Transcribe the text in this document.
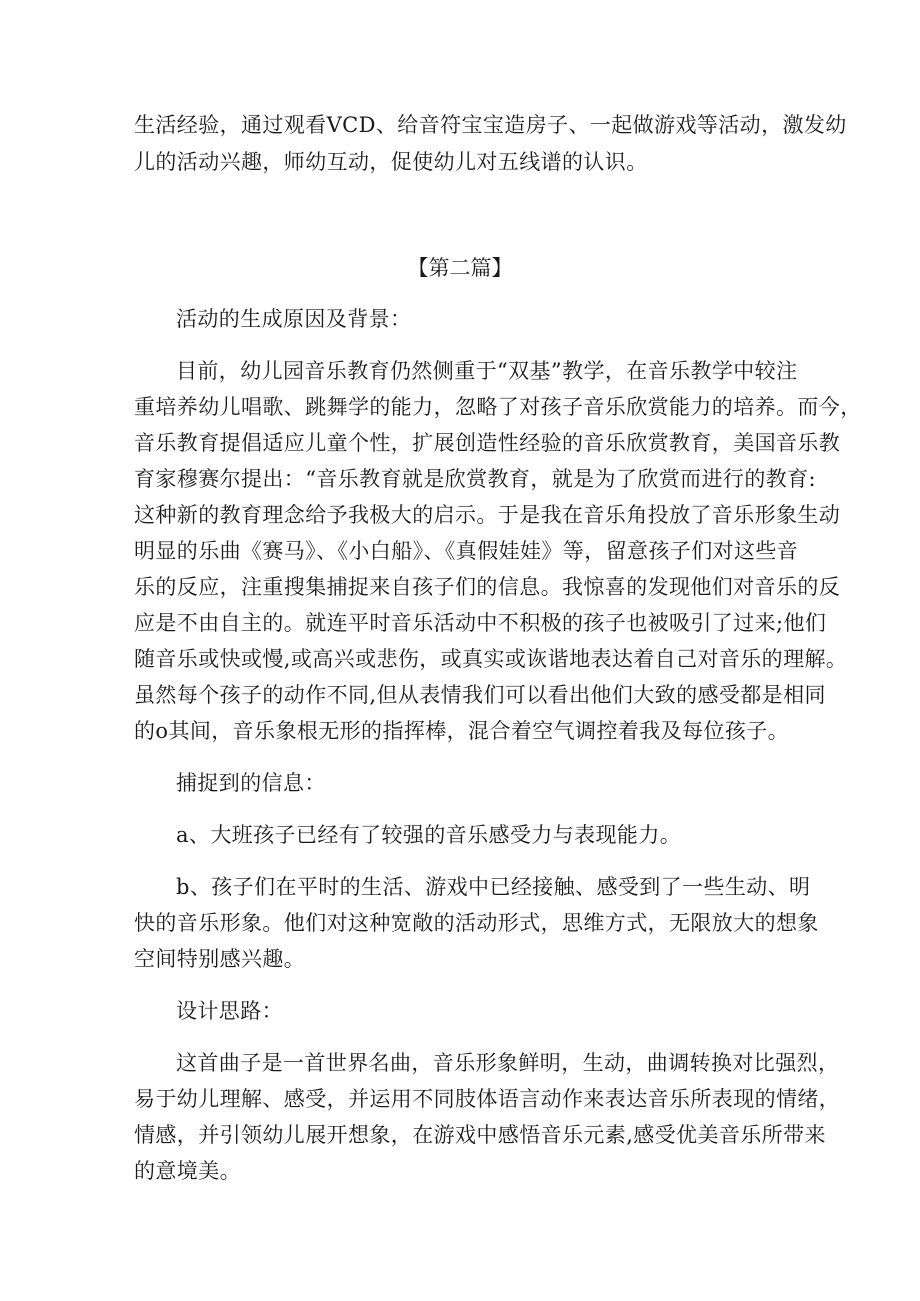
生活经验，通过观看VCD、给音符宝宝造房子、一起做游戏等活动，激发幼
儿的活动兴趣，师幼互动，促使幼儿对五线谱的认识。
【第二篇】
活动的生成原因及背景：
目前，幼儿园音乐教育仍然侧重于“双基”教学，在音乐教学中较注
重培养幼儿唱歌、跳舞学的能力，忽略了对孩子音乐欣赏能力的培养。而今，
音乐教育提倡适应儿童个性，扩展创造性经验的音乐欣赏教育，美国音乐教
育家穆赛尔提出：“音乐教育就是欣赏教育，就是为了欣赏而进行的教育:
这种新的教育理念给予我极大的启示。于是我在音乐角投放了音乐形象生动
明显的乐曲《赛马》、《小白船》、《真假娃娃》等，留意孩子们对这些音
乐的反应，注重搜集捕捉来自孩子们的信息。我惊喜的发现他们对音乐的反
应是不由自主的。就连平时音乐活动中不积极的孩子也被吸引了过来;他们
随音乐或快或慢,或高兴或悲伤，或真实或诙谐地表达着自己对音乐的理解。
虽然每个孩子的动作不同,但从表情我们可以看出他们大致的感受都是相同
的o其间，音乐象根无形的指挥棒，混合着空气调控着我及每位孩子。
捕捉到的信息：
a、大班孩子已经有了较强的音乐感受力与表现能力。
b、孩子们在平时的生活、游戏中已经接触、感受到了一些生动、明
快的音乐形象。他们对这种宽敞的活动形式，思维方式，无限放大的想象
空间特别感兴趣。
设计思路：
这首曲子是一首世界名曲，音乐形象鲜明，生动，曲调转换对比强烈，
易于幼儿理解、感受，并运用不同肢体语言动作来表达音乐所表现的情绪，
情感，并引领幼儿展开想象，在游戏中感悟音乐元素,感受优美音乐所带来
的意境美。
